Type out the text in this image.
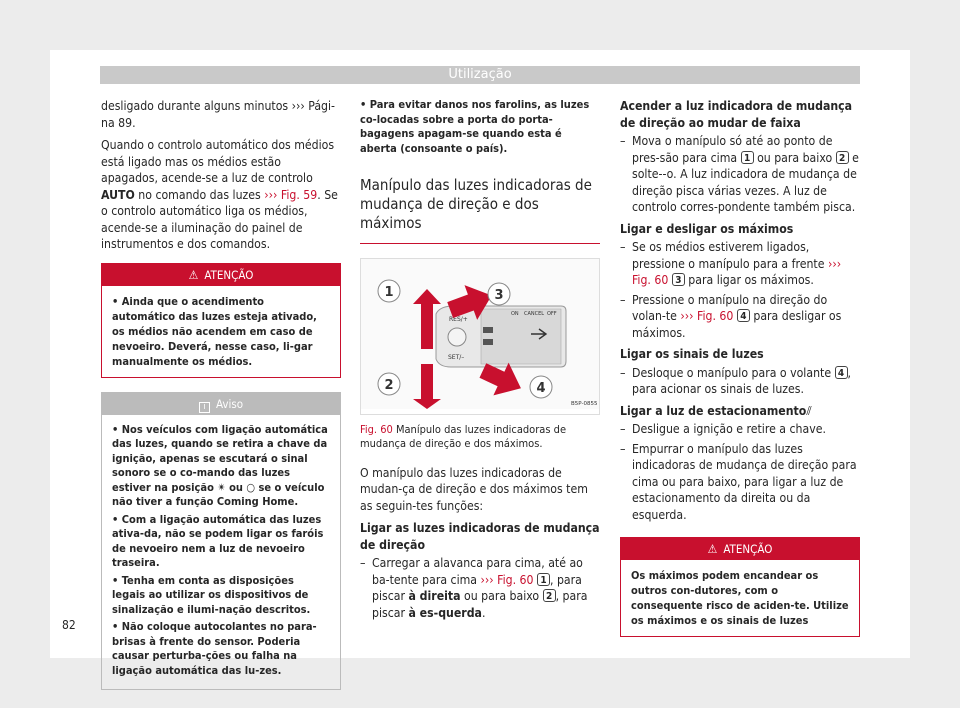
Utilização

desligado durante alguns minutos ››› Pági-na 89.

Quando o controlo automático dos médios está ligado mas os médios estão apagados, acende-se a luz de controlo AUTO no comando das luzes ››› Fig. 59. Se o controlo automático liga os médios, acende-se a iluminação do painel de instrumentos e dos comandos.

⚠ ATENÇÃO
• Ainda que o acendimento automático das luzes esteja ativado, os médios não acendem em caso de nevoeiro. Deverá, nesse caso, li-gar manualmente os médios.
i Aviso
• Nos veículos com ligação automática das luzes, quando se retira a chave da ignição, apenas se escutará o sinal sonoro se o co-mando das luzes estiver na posição ✴ ou ○ se o veículo não tiver a função Coming Home.
• Com a ligação automática das luzes ativa-da, não se podem ligar os faróis de nevoeiro nem a luz de nevoeiro traseira.
• Tenha em conta as disposições legais ao utilizar os dispositivos de sinalização e ilumi-nação descritos.
• Não coloque autocolantes no para-brisas à frente do sensor. Poderia causar perturba-ções ou falha na ligação automática das lu-zes.
• Para evitar danos nos farolins, as luzes co-locadas sobre a porta do porta-bagagens apagam-se quando esta é aberta (consoante o país).
Manípulo das luzes indicadoras de mudança de direção e dos máximos
RES/+
SET/–
ON CANCEL OFF
1
2
3
4
B5P-0855
Fig. 60 Manípulo das luzes indicadoras de mudança de direção e dos máximos.

O manípulo das luzes indicadoras de mudan-ça de direção e dos máximos tem as seguin-tes funções:

Ligar as luzes indicadoras de mudança de direção
– Carregar a alavanca para cima, até ao ba-tente para cima ››› Fig. 60 1 , para piscar à direita ou para baixo 2 , para piscar à es-querda.
Acender a luz indicadora de mudança de direção ao mudar de faixa
– Mova o manípulo só até ao ponto de pres-são para cima 1 ou para baixo 2 e solte--o. A luz indicadora de mudança de direção pisca várias vezes. A luz de controlo corres-pondente também pisca.
Ligar e desligar os máximos
– Se os médios estiverem ligados, pressione o manípulo para a frente ››› Fig. 60 3 para ligar os máximos.
– Pressione o manípulo na direção do volan-te ››› Fig. 60 4 para desligar os máximos.
Ligar os sinais de luzes
– Desloque o manípulo para o volante 4 , para acionar os sinais de luzes.
Ligar a luz de estacionamento⫽
– Desligue a ignição e retire a chave.
– Empurrar o manípulo das luzes indicadoras de mudança de direção para cima ou para baixo, para ligar a luz de estacionamento da direita ou da esquerda.
⚠ ATENÇÃO
Os máximos podem encandear os outros con-dutores, com o consequente risco de aciden-te. Utilize os máximos e os sinais de luzes
82
